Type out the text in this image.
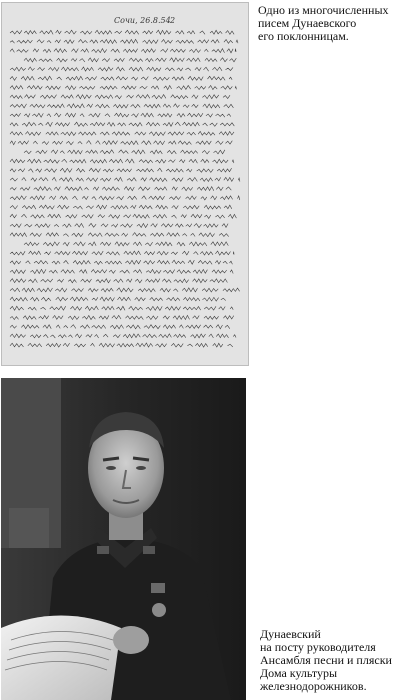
Сочи, 26.8.54 2
Одно из многочисленных
писем Дунаевского
его поклонницам.
Дунаевский
на посту руководителя
Ансамбля песни и пляски
Дома культуры
железнодорожников.
